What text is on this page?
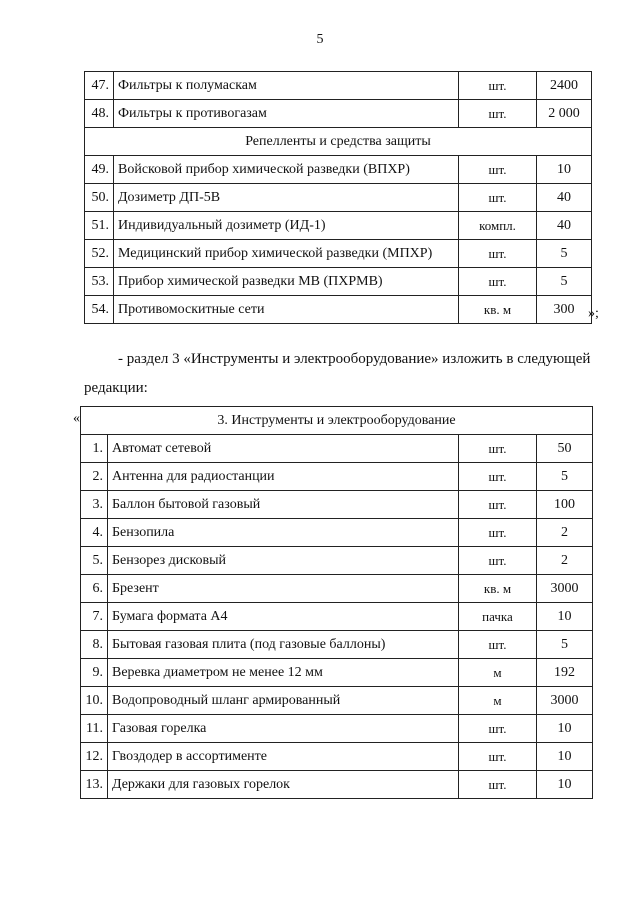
5
47.	Фильтры к полумаскам	шт.	2400
48.	Фильтры к противогазам	шт.	2 000
Репелленты и средства защиты			
49.	Войсковой прибор химической разведки (ВПХР)	шт.	10
50.	Дозиметр ДП-5В	шт.	40
51.	Индивидуальный дозиметр (ИД-1)	компл.	40
52.	Медицинский прибор химической разведки (МПХР)	шт.	5
53.	Прибор химической разведки МВ (ПХРМВ)	шт.	5
54.	Противомоскитные сети	кв. м	300 »;
- раздел 3 «Инструменты и электрооборудование» изложить в следующей
редакции:
«	3. Инструменты и электрооборудование			
1.	Автомат сетевой	шт.	50
2.	Антенна для радиостанции	шт.	5
3.	Баллон бытовой газовый	шт.	100
4.	Бензопила	шт.	2
5.	Бензорез дисковый	шт.	2
6.	Брезент	кв. м	3000
7.	Бумага формата А4	пачка	10
8.	Бытовая газовая плита (под газовые баллоны)	шт.	5
9.	Веревка диаметром не менее 12 мм	м	192
10.	Водопроводный шланг армированный	м	3000
11.	Газовая горелка	шт.	10
12.	Гвоздодер в ассортименте	шт.	10
13.	Держаки для газовых горелок	шт.	10
